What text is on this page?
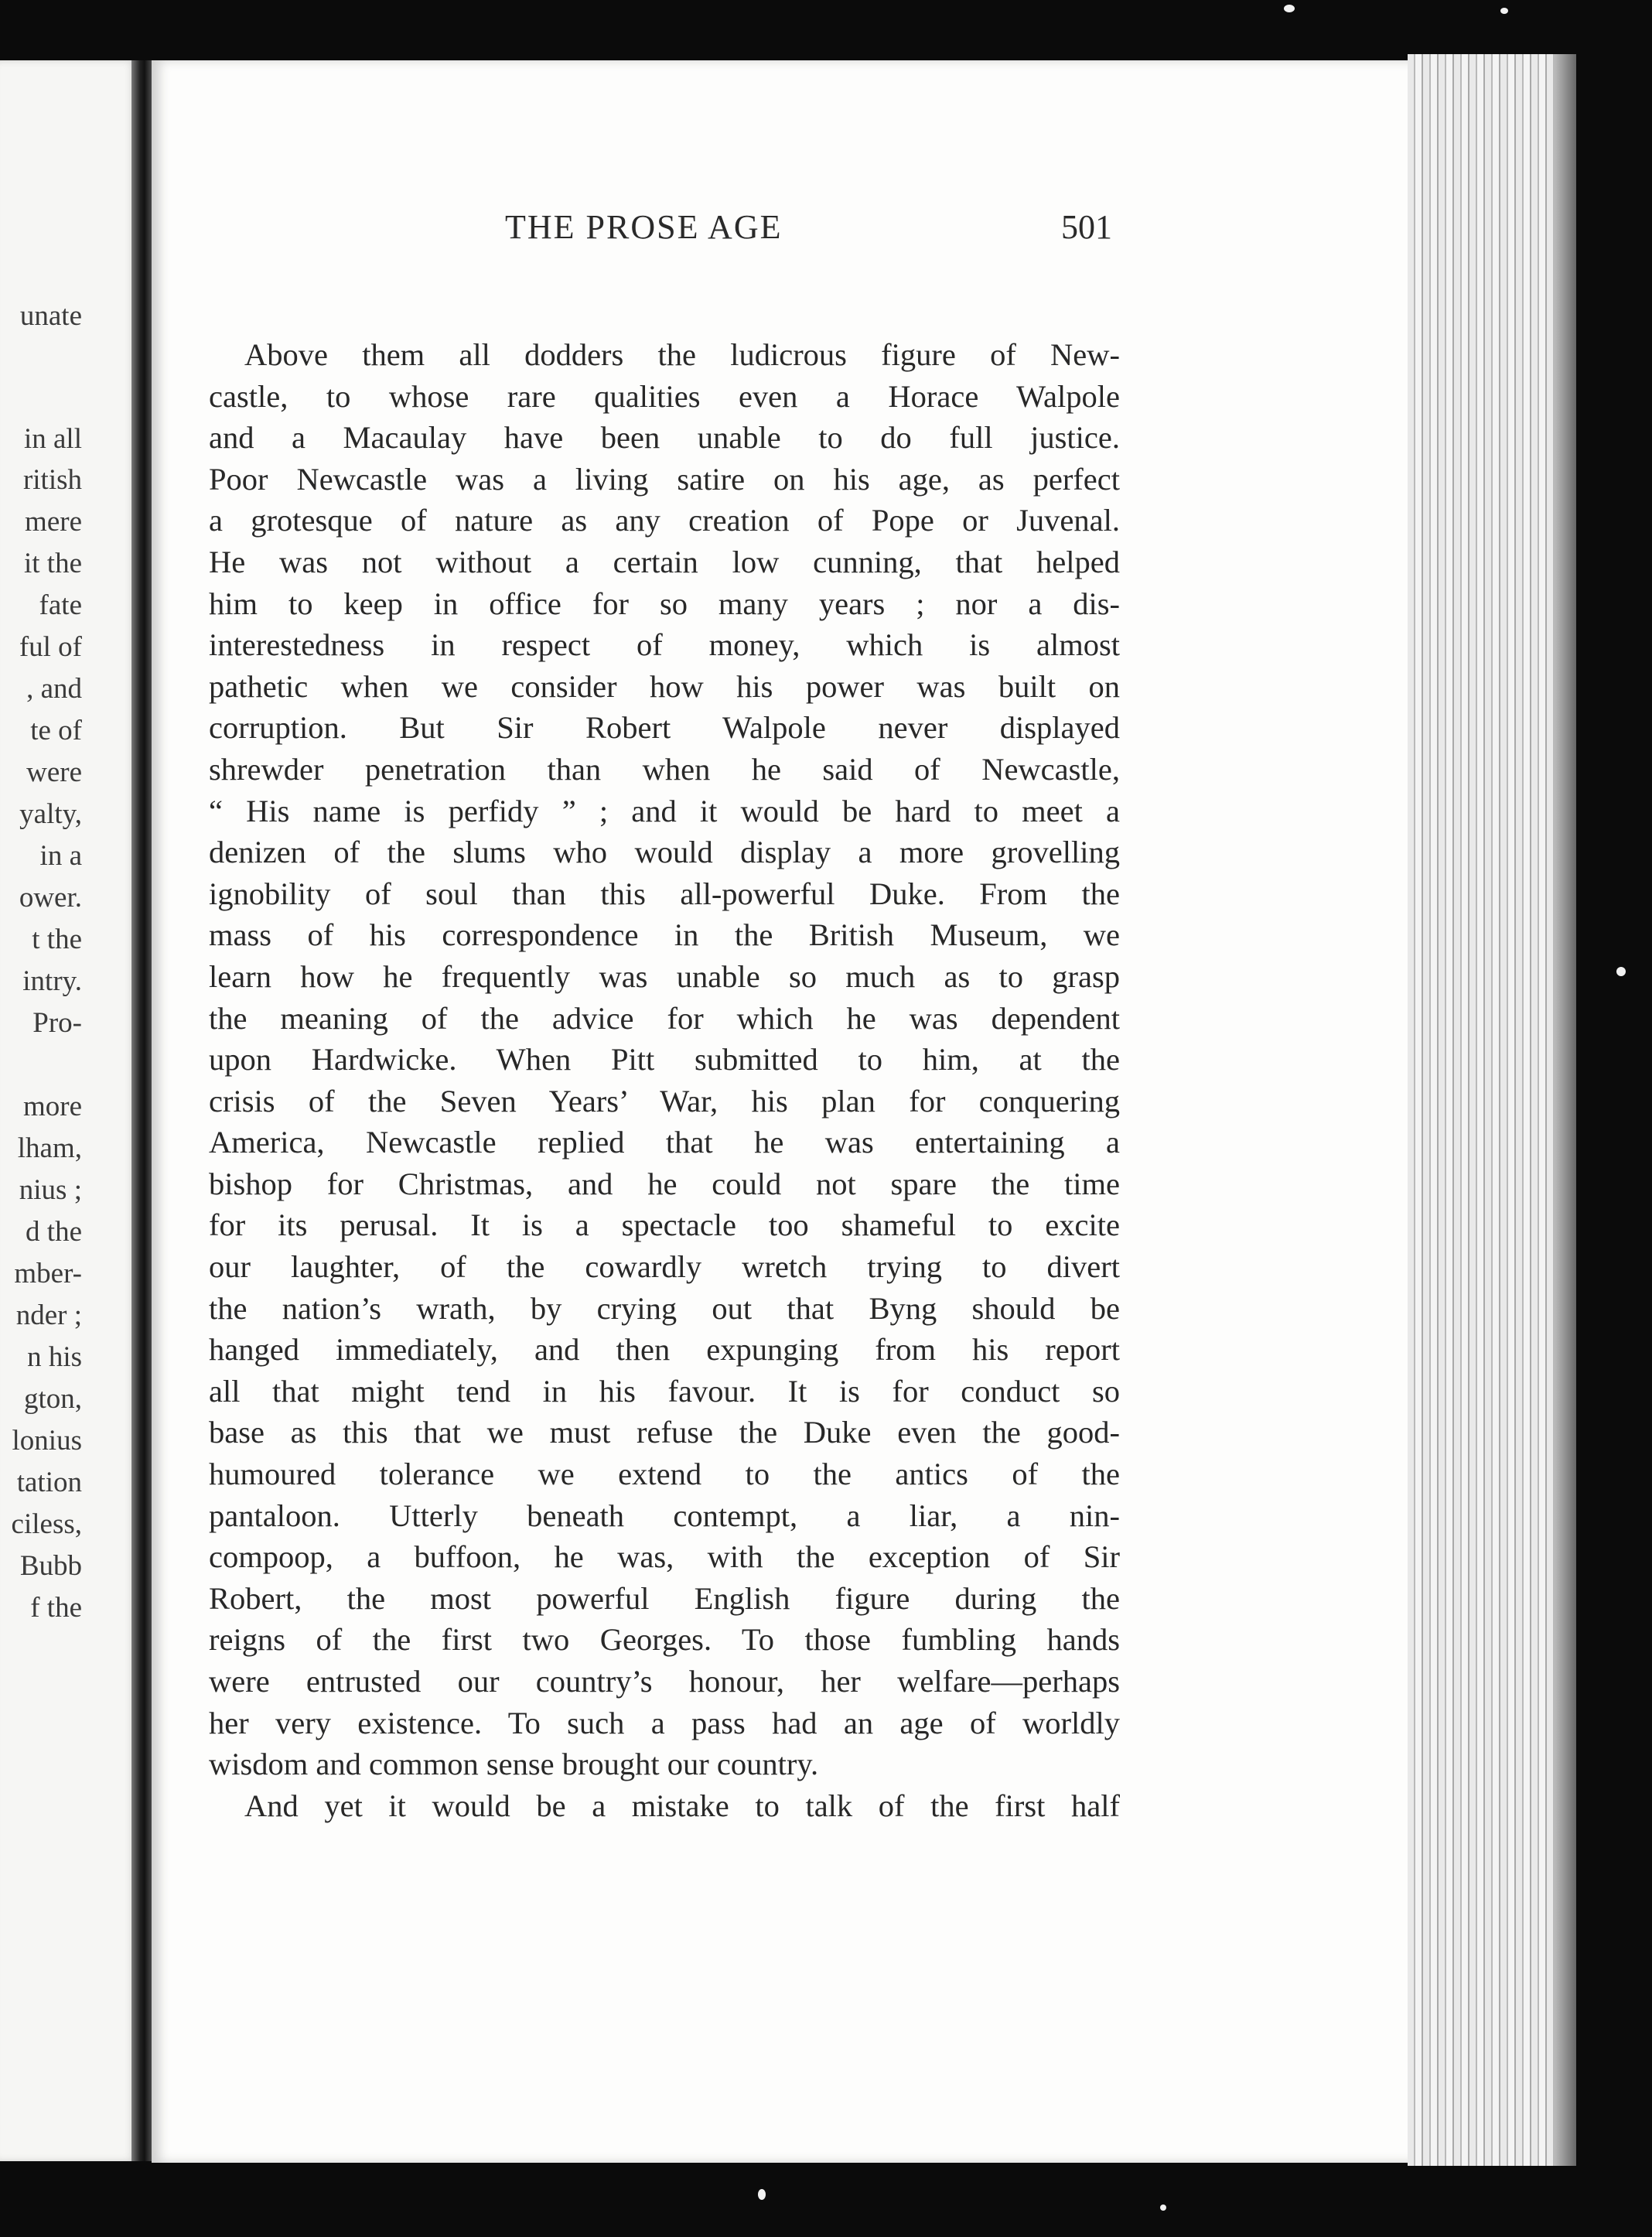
unate
in all
ritish
mere
it the
fate
ful of
, and
te of
were
yalty,
in a
ower.
t the
intry.
Pro-
more
lham,
nius ;
d the
mber-
nder ;
n his
gton,
lonius
tation
ciless,
Bubb
f the
THE PROSE AGE	501
Above them all dodders the ludicrous figure of New-
castle, to whose rare qualities even a Horace Walpole
and a Macaulay have been unable to do full justice.
Poor Newcastle was a living satire on his age, as perfect
a grotesque of nature as any creation of Pope or Juvenal.
He was not without a certain low cunning, that helped
him to keep in office for so many years ; nor a dis-
interestedness in respect of money, which is almost
pathetic when we consider how his power was built on
corruption. But Sir Robert Walpole never displayed
shrewder penetration than when he said of Newcastle,
“ His name is perfidy ” ; and it would be hard to meet a
denizen of the slums who would display a more grovelling
ignobility of soul than this all-powerful Duke. From the
mass of his correspondence in the British Museum, we
learn how he frequently was unable so much as to grasp
the meaning of the advice for which he was dependent
upon Hardwicke. When Pitt submitted to him, at the
crisis of the Seven Years’ War, his plan for conquering
America, Newcastle replied that he was entertaining a
bishop for Christmas, and he could not spare the time
for its perusal. It is a spectacle too shameful to excite
our laughter, of the cowardly wretch trying to divert
the nation’s wrath, by crying out that Byng should be
hanged immediately, and then expunging from his report
all that might tend in his favour. It is for conduct so
base as this that we must refuse the Duke even the good-
humoured tolerance we extend to the antics of the
pantaloon. Utterly beneath contempt, a liar, a nin-
compoop, a buffoon, he was, with the exception of Sir
Robert, the most powerful English figure during the
reigns of the first two Georges. To those fumbling hands
were entrusted our country’s honour, her welfare—perhaps
her very existence. To such a pass had an age of worldly
wisdom and common sense brought our country.
And yet it would be a mistake to talk of the first half
